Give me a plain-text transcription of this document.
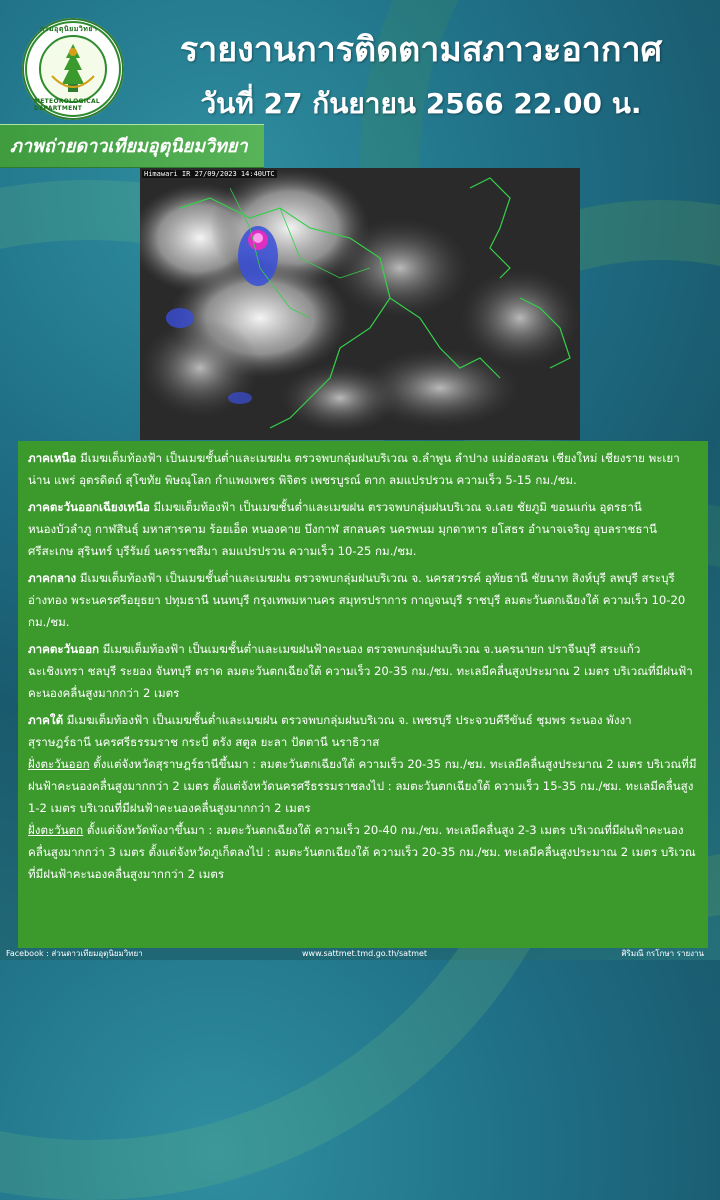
กรมอุตุนิยมวิทยา
METEOROLOGICAL DEPARTMENT
รายงานการติดตามสภาวะอากาศ
วันที่ 27 กันยายน 2566 22.00 น.
ภาพถ่ายดาวเทียมอุตุนิยมวิทยา
Himawari IR 27/09/2023 14:40UTC

ภาคเหนือ มีเมฆเต็มท้องฟ้า เป็นเมฆชั้นต่ำและเมฆฝน ตรวจพบกลุ่มฝนบริเวณ จ.ลำพูน ลำปาง แม่ฮ่องสอน เชียงใหม่ เชียงราย พะเยา น่าน แพร่ อุตรดิตถ์ สุโขทัย พิษณุโลก กำแพงเพชร พิจิตร เพชรบูรณ์ ตาก ลมแปรปรวน ความเร็ว 5-15 กม./ชม.

ภาคตะวันออกเฉียงเหนือ มีเมฆเต็มท้องฟ้า เป็นเมฆชั้นต่ำและเมฆฝน ตรวจพบกลุ่มฝนบริเวณ จ.เลย ชัยภูมิ ขอนแก่น อุดรธานี หนองบัวลำภู กาฬสินธุ์ มหาสารคาม ร้อยเอ็ด หนองคาย บึงกาฬ สกลนคร นครพนม มุกดาหาร ยโสธร อำนาจเจริญ อุบลราชธานี ศรีสะเกษ สุรินทร์ บุรีรัมย์ นครราชสีมา ลมแปรปรวน ความเร็ว 10-25 กม./ชม.

ภาคกลาง มีเมฆเต็มท้องฟ้า เป็นเมฆชั้นต่ำและเมฆฝน ตรวจพบกลุ่มฝนบริเวณ จ. นครสวรรค์ อุทัยธานี ชัยนาท สิงห์บุรี ลพบุรี สระบุรี อ่างทอง พระนครศรีอยุธยา ปทุมธานี นนทบุรี กรุงเทพมหานคร สมุทรปราการ กาญจนบุรี ราชบุรี ลมตะวันตกเฉียงใต้ ความเร็ว 10-20 กม./ชม.

ภาคตะวันออก มีเมฆเต็มท้องฟ้า เป็นเมฆชั้นต่ำและเมฆฝนฟ้าคะนอง ตรวจพบกลุ่มฝนบริเวณ จ.นครนายก ปราจีนบุรี สระแก้ว ฉะเชิงเทรา ชลบุรี ระยอง จันทบุรี ตราด ลมตะวันตกเฉียงใต้ ความเร็ว 20-35 กม./ชม. ทะเลมีคลื่นสูงประมาณ 2 เมตร บริเวณที่มีฝนฟ้าคะนองคลื่นสูงมากกว่า 2 เมตร

ภาคใต้ มีเมฆเต็มท้องฟ้า เป็นเมฆชั้นต่ำและเมฆฝน ตรวจพบกลุ่มฝนบริเวณ จ. เพชรบุรี ประจวบคีรีขันธ์ ชุมพร ระนอง พังงา สุราษฎร์ธานี นครศรีธรรมราช กระบี่ ตรัง สตูล ยะลา ปัตตานี นราธิวาส

ฝั่งตะวันออก ตั้งแต่จังหวัดสุราษฎร์ธานีขึ้นมา : ลมตะวันตกเฉียงใต้ ความเร็ว 20-35 กม./ชม. ทะเลมีคลื่นสูงประมาณ 2 เมตร บริเวณที่มีฝนฟ้าคะนองคลื่นสูงมากกว่า 2 เมตร ตั้งแต่จังหวัดนครศรีธรรมราชลงไป : ลมตะวันตกเฉียงใต้ ความเร็ว 15-35 กม./ชม. ทะเลมีคลื่นสูง 1-2 เมตร บริเวณที่มีฝนฟ้าคะนองคลื่นสูงมากกว่า 2 เมตร

ฝั่งตะวันตก ตั้งแต่จังหวัดพังงาขึ้นมา : ลมตะวันตกเฉียงใต้ ความเร็ว 20-40 กม./ชม. ทะเลมีคลื่นสูง 2-3 เมตร บริเวณที่มีฝนฟ้าคะนองคลื่นสูงมากกว่า 3 เมตร ตั้งแต่จังหวัดภูเก็ตลงไป : ลมตะวันตกเฉียงใต้ ความเร็ว 20-35 กม./ชม. ทะเลมีคลื่นสูงประมาณ 2 เมตร บริเวณที่มีฝนฟ้าคะนองคลื่นสูงมากกว่า 2 เมตร

Facebook : ส่วนดาวเทียมอุตุนิยมวิทยา	www.sattmet.tmd.go.th/satmet	ศิริมณี กรโกษา รายงาน
